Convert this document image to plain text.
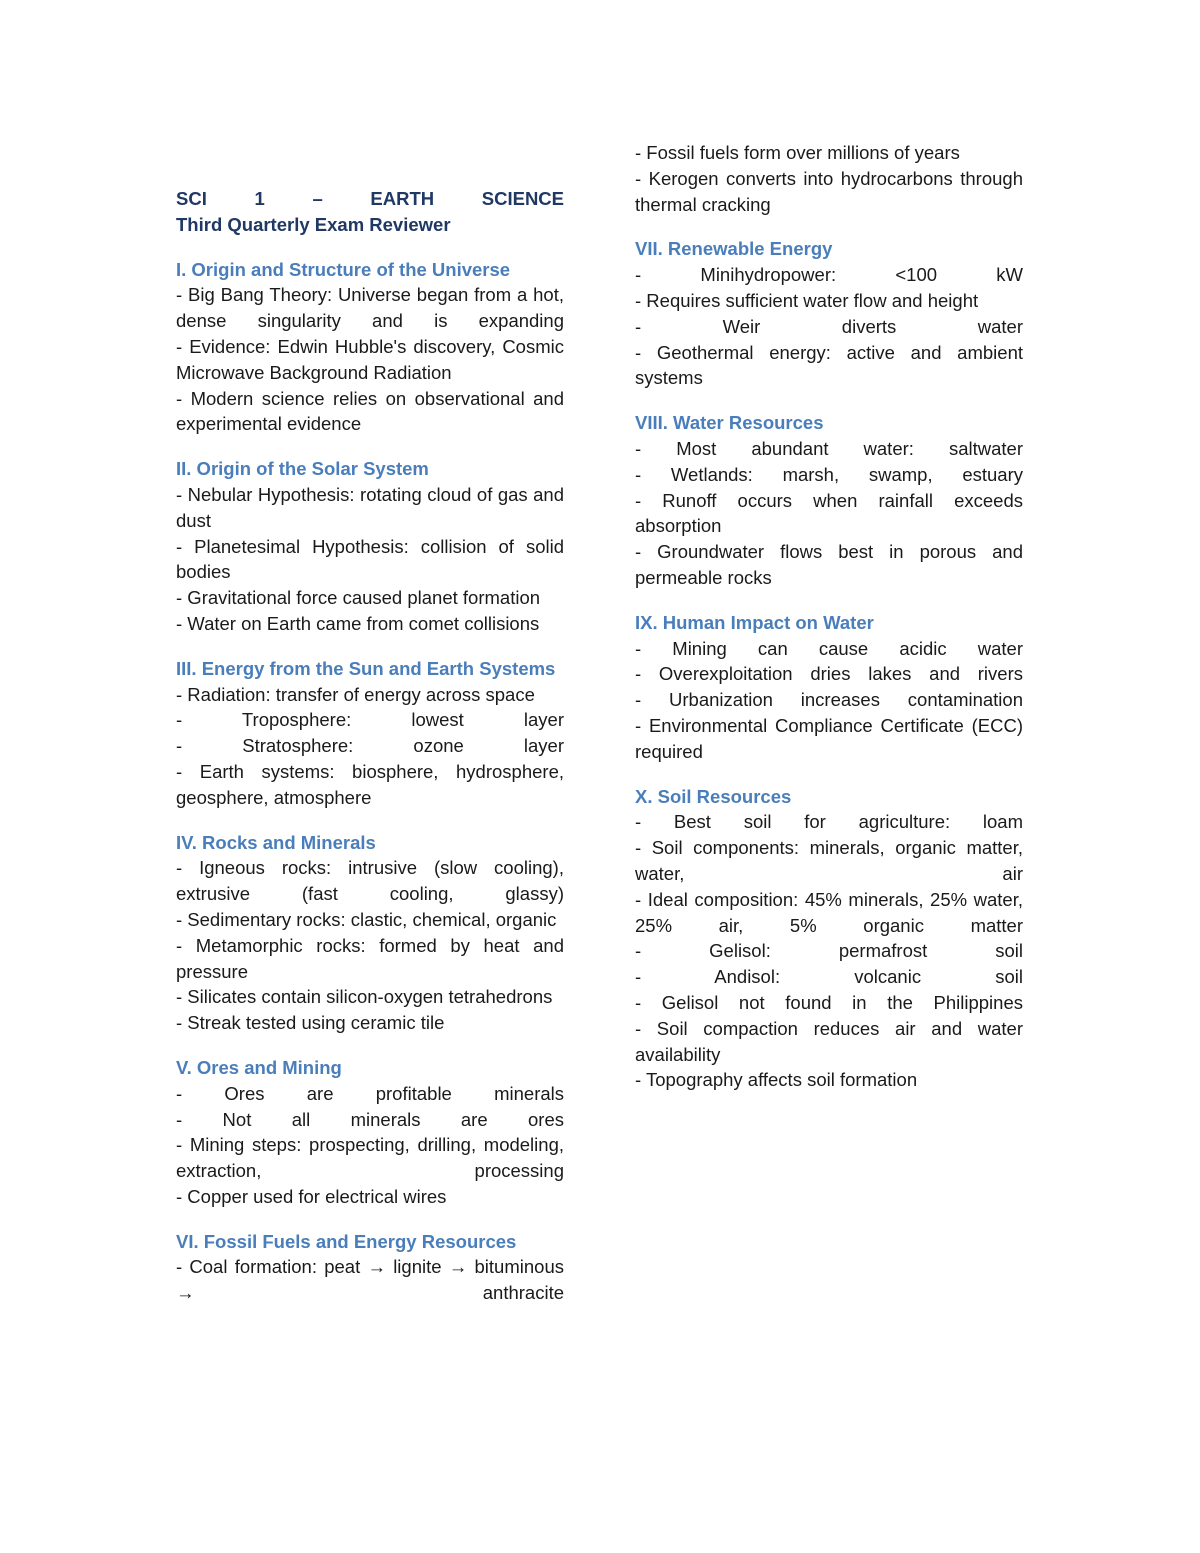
SCI 1 – EARTH SCIENCE
Third Quarterly Exam Reviewer
I. Origin and Structure of the Universe

- Big Bang Theory: Universe began from a hot, dense singularity and is expanding

- Evidence: Edwin Hubble's discovery, Cosmic Microwave Background Radiation

- Modern science relies on observational and experimental evidence

II. Origin of the Solar System

- Nebular Hypothesis: rotating cloud of gas and dust

- Planetesimal Hypothesis: collision of solid bodies

- Gravitational force caused planet formation

- Water on Earth came from comet collisions

III. Energy from the Sun and Earth Systems

- Radiation: transfer of energy across space

- Troposphere: lowest layer

- Stratosphere: ozone layer

- Earth systems: biosphere, hydrosphere, geosphere, atmosphere

IV. Rocks and Minerals

- Igneous rocks: intrusive (slow cooling), extrusive (fast cooling, glassy)

- Sedimentary rocks: clastic, chemical, organic

- Metamorphic rocks: formed by heat and pressure

- Silicates contain silicon-oxygen tetrahedrons

- Streak tested using ceramic tile

V. Ores and Mining

- Ores are profitable minerals

- Not all minerals are ores

- Mining steps: prospecting, drilling, modeling, extraction, processing

- Copper used for electrical wires

VI. Fossil Fuels and Energy Resources

- Coal formation: peat → lignite → bituminous → anthracite

- Fossil fuels form over millions of years

- Kerogen converts into hydrocarbons through thermal cracking

VII. Renewable Energy

- Minihydropower: <100 kW

- Requires sufficient water flow and height

- Weir diverts water

- Geothermal energy: active and ambient systems

VIII. Water Resources

- Most abundant water: saltwater

- Wetlands: marsh, swamp, estuary

- Runoff occurs when rainfall exceeds absorption

- Groundwater flows best in porous and permeable rocks

IX. Human Impact on Water

- Mining can cause acidic water

- Overexploitation dries lakes and rivers

- Urbanization increases contamination

- Environmental Compliance Certificate (ECC) required

X. Soil Resources

- Best soil for agriculture: loam

- Soil components: minerals, organic matter, water, air

- Ideal composition: 45% minerals, 25% water, 25% air, 5% organic matter

- Gelisol: permafrost soil

- Andisol: volcanic soil

- Gelisol not found in the Philippines

- Soil compaction reduces air and water availability

- Topography affects soil formation
